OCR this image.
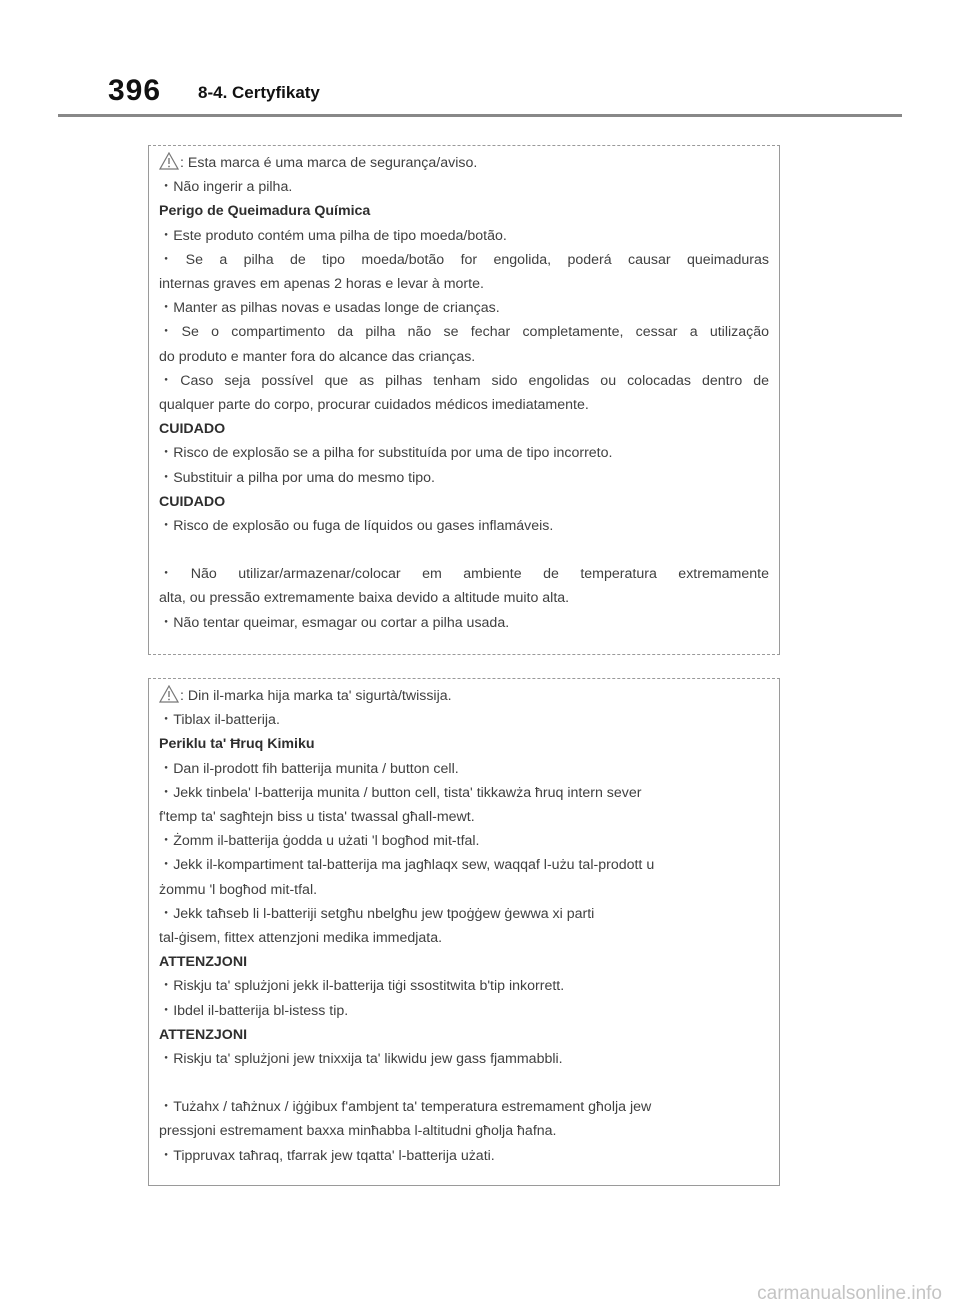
396 8-4. Certyfikaty
: Esta marca é uma marca de segurança/aviso.
・Não ingerir a pilha.
Perigo de Queimadura Química
・Este produto contém uma pilha de tipo moeda/botão.
・Se a pilha de tipo moeda/botão for engolida, poderá causar queimaduras
internas graves em apenas 2 horas e levar à morte.
・Manter as pilhas novas e usadas longe de crianças.
・Se o compartimento da pilha não se fechar completamente, cessar a utilização
do produto e manter fora do alcance das crianças.
・Caso seja possível que as pilhas tenham sido engolidas ou colocadas dentro de
qualquer parte do corpo, procurar cuidados médicos imediatamente.
CUIDADO
・Risco de explosão se a pilha for substituída por uma de tipo incorreto.
・Substituir a pilha por uma do mesmo tipo.
CUIDADO
・Risco de explosão ou fuga de líquidos ou gases inflamáveis.
・Não utilizar/armazenar/colocar em ambiente de temperatura extremamente
alta, ou pressão extremamente baixa devido a altitude muito alta.
・Não tentar queimar, esmagar ou cortar a pilha usada.
: Din il-marka hija marka ta' sigurtà/twissija.
・Tiblax il-batterija.
Periklu ta' Ħruq Kimiku
・Dan il-prodott fih batterija munita / button cell.
・Jekk tinbela' l-batterija munita / button cell, tista' tikkawża ħruq intern sever
f'temp ta' sagħtejn biss u tista' twassal għall-mewt.
・Żomm il-batterija ġodda u użati 'l bogħod mit-tfal.
・Jekk il-kompartiment tal-batterija ma jagħlaqx sew, waqqaf l-użu tal-prodott u
żommu 'l bogħod mit-tfal.
・Jekk taħseb li l-batteriji setgħu nbelgħu jew tpoġġew ġewwa xi parti
tal-ġisem, fittex attenzjoni medika immedjata.
ATTENZJONI
・Riskju ta' splużjoni jekk il-batterija tiġi ssostitwita b'tip inkorrett.
・Ibdel il-batterija bl-istess tip.
ATTENZJONI
・Riskju ta' splużjoni jew tnixxija ta' likwidu jew gass fjammabbli.
・Tużahx / taħżnux / iġġibux f'ambjent ta' temperatura estremament għolja jew
pressjoni estremament baxxa minħabba l-altitudni għolja ħafna.
・Tippruvax taħraq, tfarrak jew tqatta' l-batterija użati.
carmanualsonline.info
